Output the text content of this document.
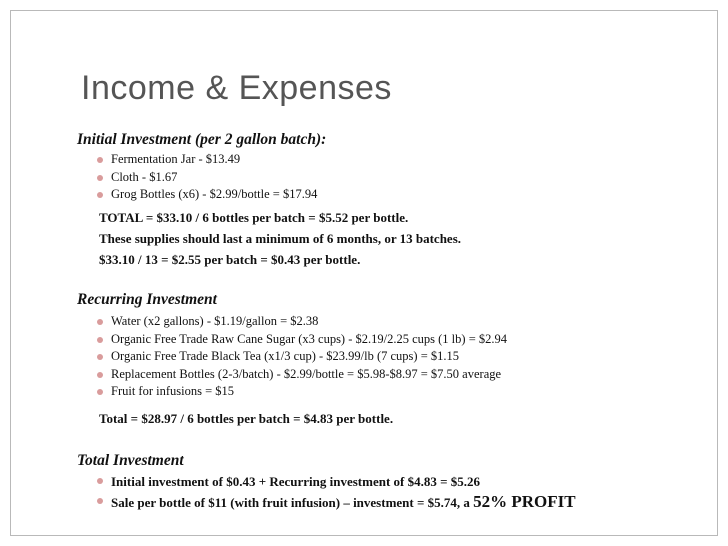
Income & Expenses
Initial Investment (per 2 gallon batch):
Fermentation Jar - $13.49
Cloth - $1.67
Grog Bottles (x6) - $2.99/bottle = $17.94
TOTAL = $33.10 / 6 bottles per batch = $5.52 per bottle.
These supplies should last a minimum of 6 months, or 13 batches.
$33.10 / 13 = $2.55 per batch = $0.43 per bottle.
Recurring Investment
Water (x2 gallons) - $1.19/gallon = $2.38
Organic Free Trade Raw Cane Sugar (x3 cups) - $2.19/2.25 cups (1 lb) = $2.94
Organic Free Trade Black Tea (x1/3 cup) - $23.99/lb (7 cups) = $1.15
Replacement Bottles (2-3/batch) - $2.99/bottle = $5.98-$8.97 = $7.50 average
Fruit for infusions = $15
Total = $28.97 / 6 bottles per batch = $4.83 per bottle.
Total Investment
Initial investment of $0.43 + Recurring investment of $4.83 = $5.26
Sale per bottle of $11 (with fruit infusion) – investment = $5.74, a 52% PROFIT
